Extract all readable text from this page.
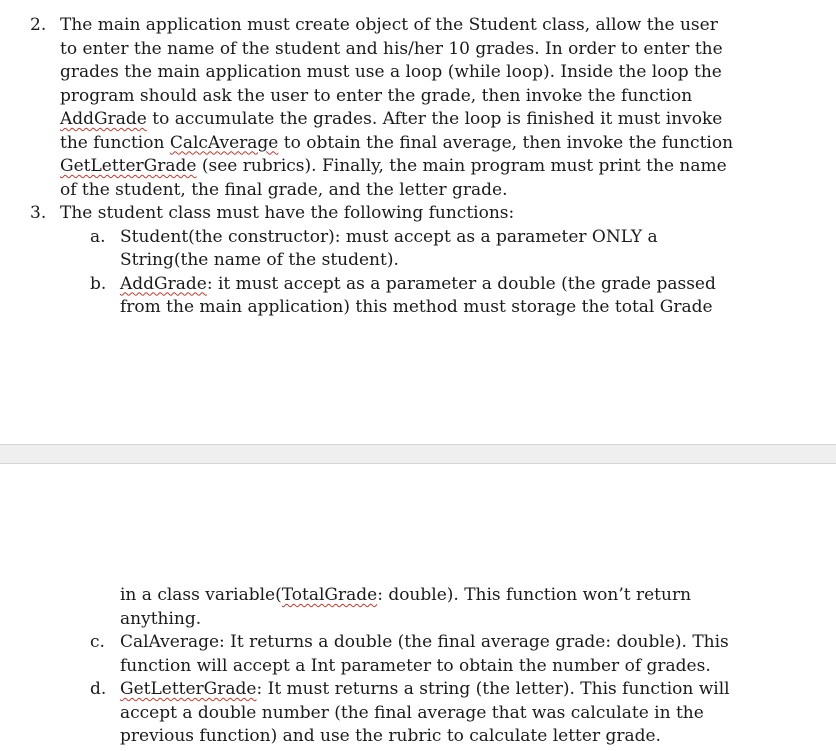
2. The main application must create object of the Student class, allow the user
to enter the name of the student and his/her 10 grades. In order to enter the
grades the main application must use a loop (while loop). Inside the loop the
program should ask the user to enter the grade, then invoke the function
AddGrade to accumulate the grades. After the loop is finished it must invoke
the function CalcAverage to obtain the final average, then invoke the function
GetLetterGrade (see rubrics). Finally, the main program must print the name
of the student, the final grade, and the letter grade.
3. The student class must have the following functions:
a. Student(the constructor): must accept as a parameter ONLY a
String(the name of the student).
b. AddGrade: it must accept as a parameter a double (the grade passed
from the main application) this method must storage the total Grade
in a class variable(TotalGrade: double). This function won’t return
anything.
c. CalAverage: It returns a double (the final average grade: double). This
function will accept a Int parameter to obtain the number of grades.
d. GetLetterGrade: It must returns a string (the letter). This function will
accept a double number (the final average that was calculate in the
previous function) and use the rubric to calculate letter grade.
